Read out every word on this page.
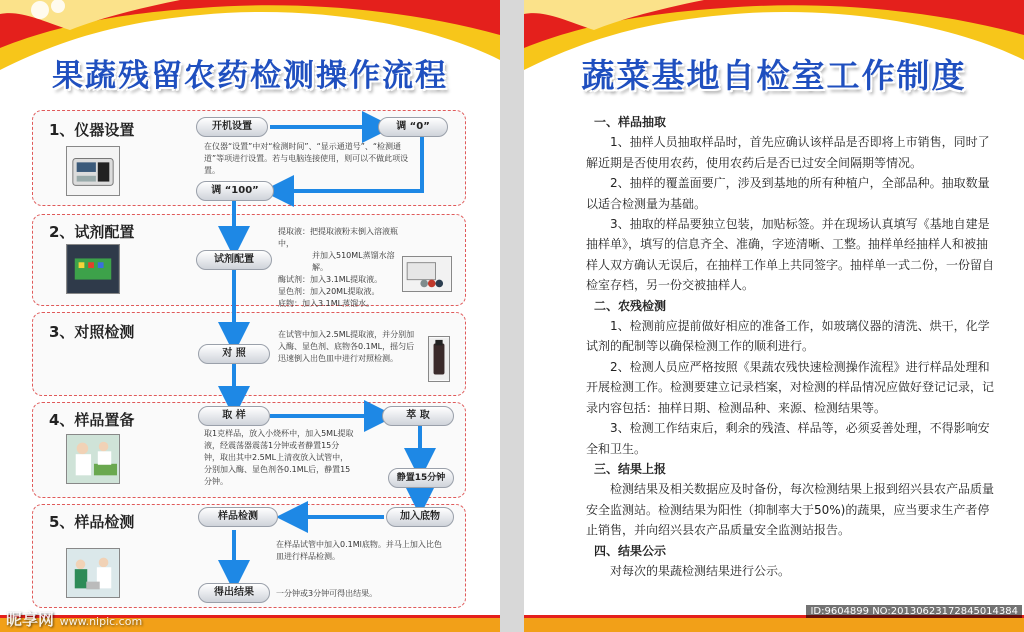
果蔬残留农药检测操作流程
1、仪器设置
2、试剂配置
3、对照检测
4、样品置备
5、样品检测
开机设置	调 “0”
调 “100”
试剂配置
对 照
取 样	萃 取
静置15分钟
加入底物
样品检测
得出结果
在仪器“设置”中对“检测时间”、“显示通道号”、“检测通道”等项进行设置。若与电脑连接使用，则可以不做此项设置。
提取液：把提取液粉末倒入溶液瓶中，
并加入510ML蒸馏水溶解。
酶试剂：加入3.1ML提取液。
显色剂：加入20ML提取液。
底物：加入3.1ML蒸馏水。
在试管中加入2.5ML提取液，并分别加入酶、显色剂、底物各0.1ML，摇匀后迅速倒入出色皿中进行对照检测。
取1克样品，放入小烧杯中，加入5ML提取液，经震荡器震荡1分钟或者静置15分钟，取出其中2.5ML上清夜放入试管中，分别加入酶、显色剂各0.1ML后，静置15分钟。
在样品试管中加入0.1Ml底物。并马上加入比色皿进行样品检测。
一分钟或3分钟可得出结果。
昵享网 www.nipic.com
蔬菜基地自检室工作制度
一、样品抽取
1、抽样人员抽取样品时，首先应确认该样品是否即将上市销售，同时了解近期是否使用农药，使用农药后是否已过安全间隔期等情况。
2、抽样的覆盖面要广，涉及到基地的所有种植户，全部品种。抽取数量以适合检测量为基础。
3、抽取的样品要独立包装，加贴标签。并在现场认真填写《基地自建是抽样单》，填写的信息齐全、准确，字迹清晰、工整。抽样单经抽样人和被抽样人双方确认无误后，在抽样工作单上共同签字。抽样单一式二份，一份留自检室存档，另一份交被抽样人。
二、农残检测
1、检测前应提前做好相应的准备工作，如玻璃仪器的清洗、烘干，化学试剂的配制等以确保检测工作的顺利进行。
2、检测人员应严格按照《果蔬农残快速检测操作流程》进行样品处理和开展检测工作。检测要建立记录档案，对检测的样品情况应做好登记记录，记录内容包括：抽样日期、检测品种、来源、检测结果等。
3、检测工作结束后，剩余的残渣、样品等，必须妥善处理，不得影响安全和卫生。
三、结果上报
检测结果及相关数据应及时备份，每次检测结果上报到绍兴县农产品质量安全监测站。检测结果为阳性（抑制率大于50%)的蔬果，应当要求生产者停止销售，并向绍兴县农产品质量安全监测站报告。
四、结果公示
对每次的果蔬检测结果进行公示。
ID:9604899 NO:20130623172845014384
